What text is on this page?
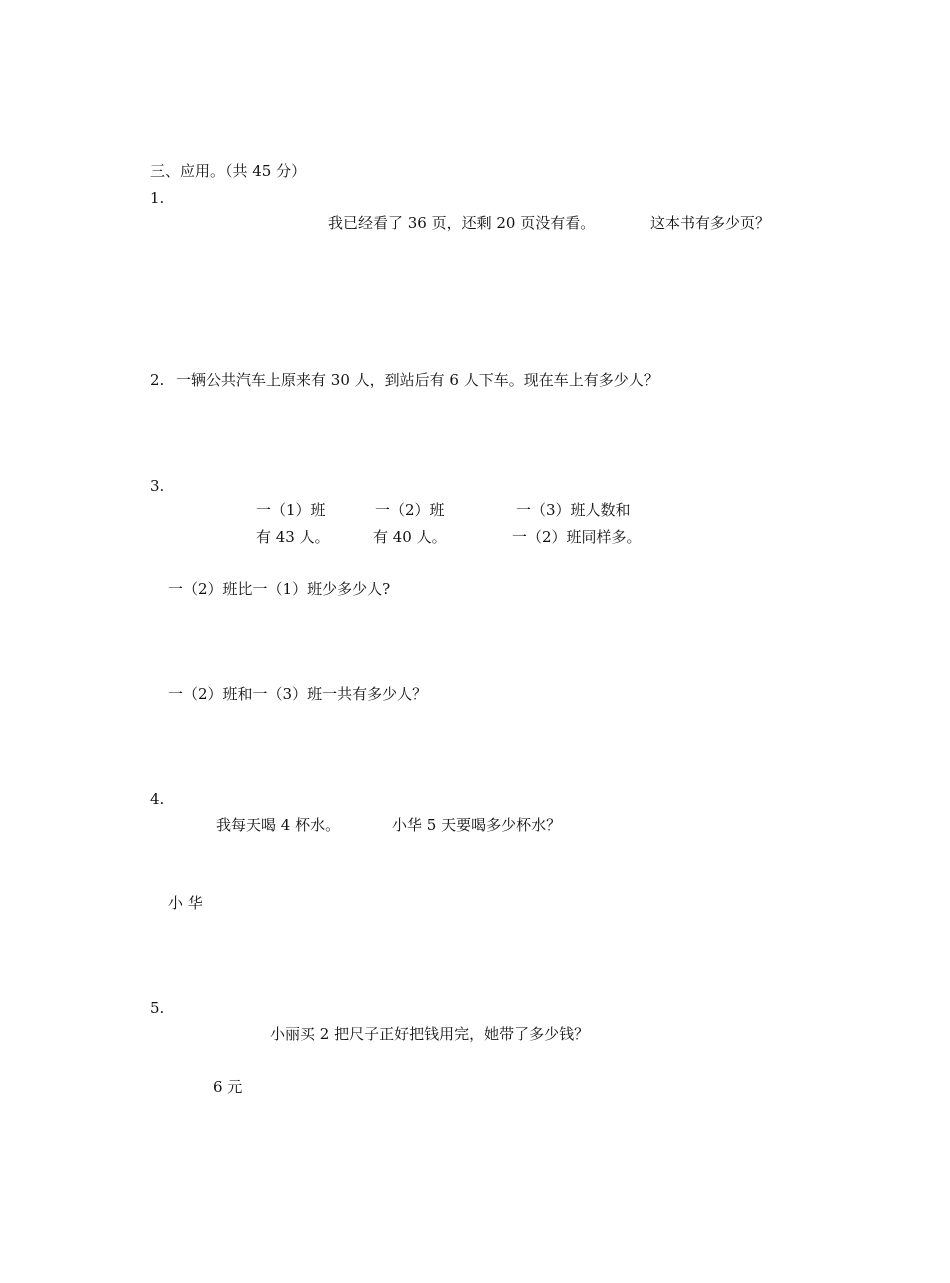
三、应用。（共 45 分）
1.
我已经看了 36 页，还剩 20 页没有看。	这本书有多少页？
2. 一辆公共汽车上原来有 30 人，到站后有 6 人下车。现在车上有多少人？
3.
一（1）班
有 43 人。
一（2）班
有 40 人。
一（3）班人数和
一（2）班同样多。
一（2）班比一（1）班少多少人?
一（2）班和一（3）班一共有多少人？
4.
我每天喝 4 杯水。	小华 5 天要喝多少杯水？
小 华
5.
小丽买 2 把尺子正好把钱用完，她带了多少钱？
6 元
